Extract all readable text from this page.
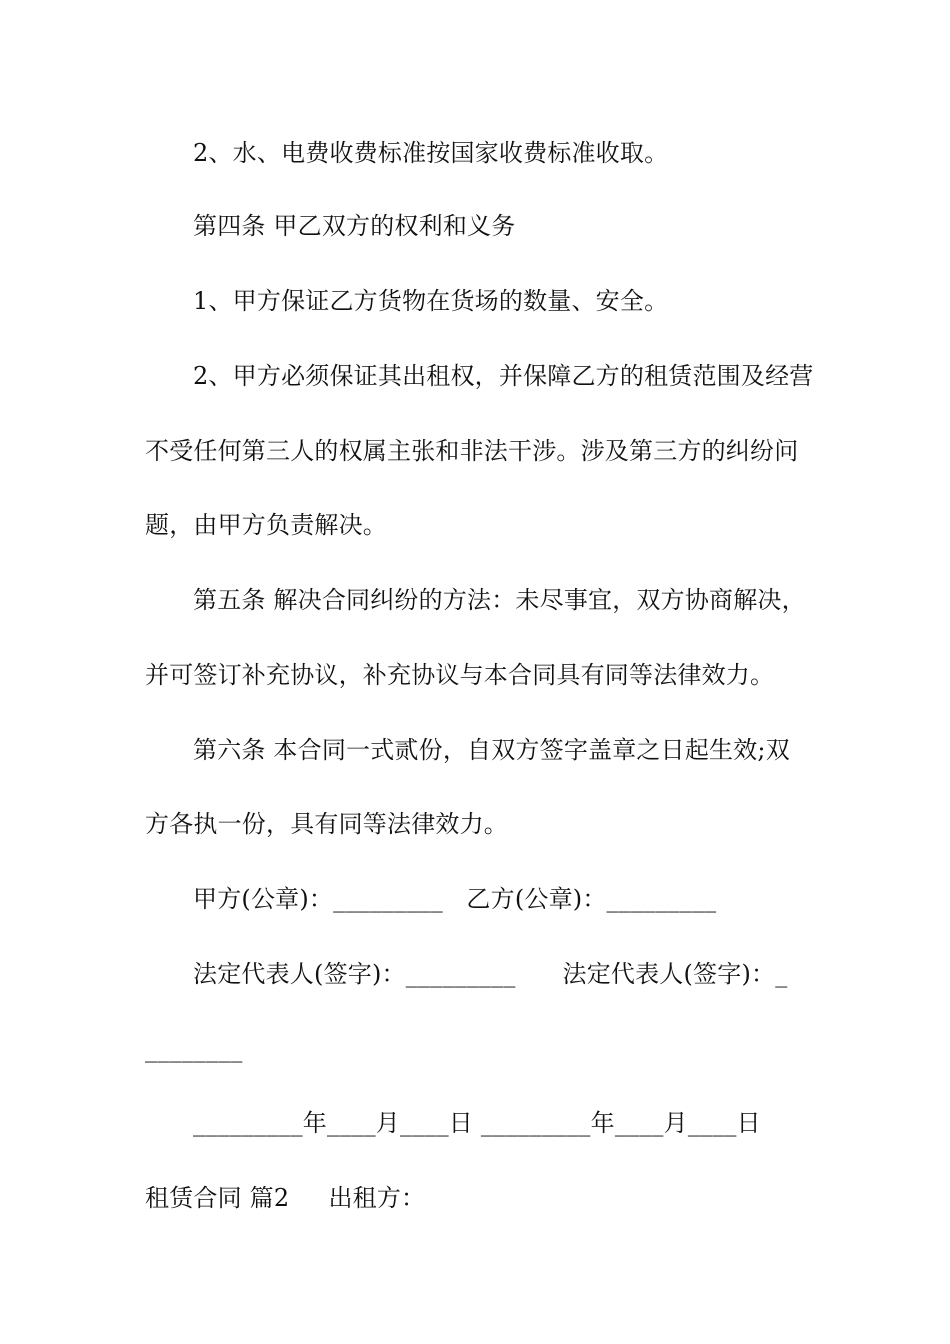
2、水、电费收费标准按国家收费标准收取。
第四条 甲乙双方的权利和义务
1、甲方保证乙方货物在货场的数量、安全。
2、甲方必须保证其出租权，并保障乙方的租赁范围及经营
不受任何第三人的权属主张和非法干涉。涉及第三方的纠纷问
题，由甲方负责解决。
第五条 解决合同纠纷的方法：未尽事宜，双方协商解决，
并可签订补充协议，补充协议与本合同具有同等法律效力。
第六条 本合同一式贰份，自双方签字盖章之日起生效;双
方各执一份，具有同等法律效力。
甲方(公章)：_________   乙方(公章)：_________
法定代表人(签字)：_________      法定代表人(签字)：_
________
_________年____月____日 _________年____月____日
租赁合同 篇2     出租方：
